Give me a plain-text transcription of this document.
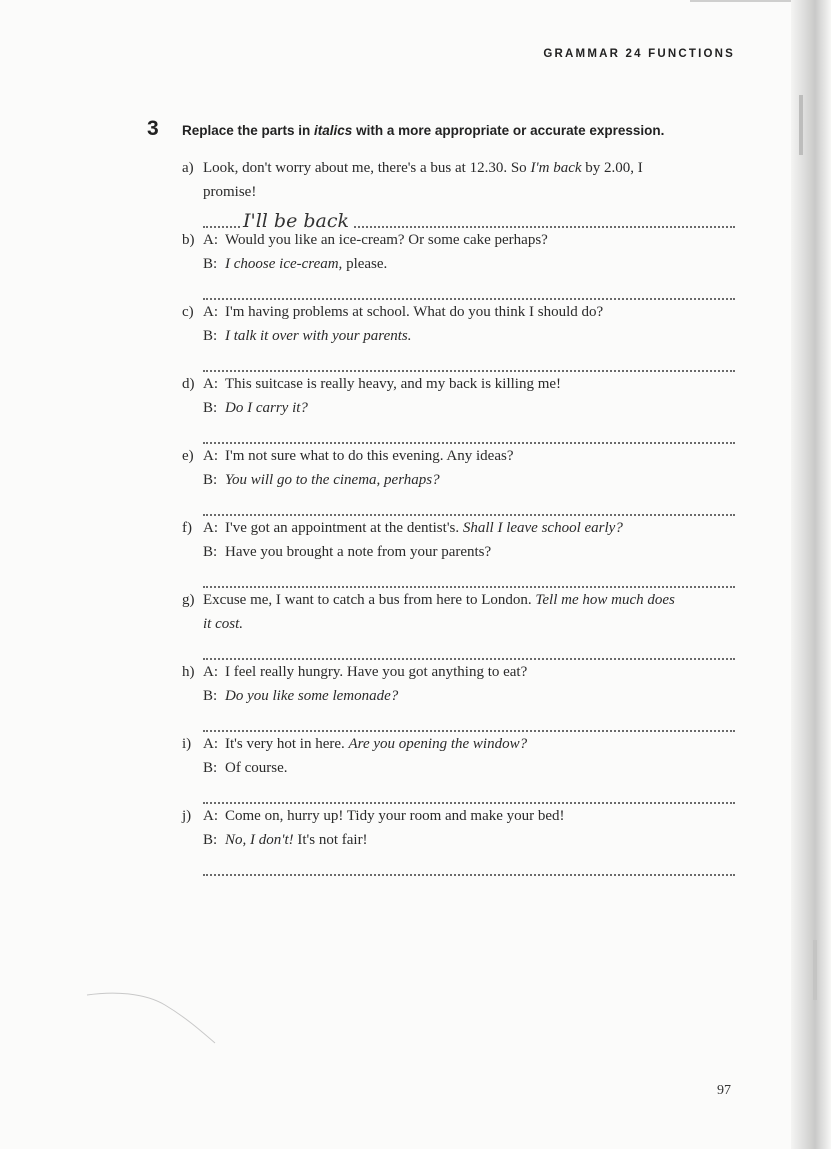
GRAMMAR 24 FUNCTIONS
3 Replace the parts in italics with a more appropriate or accurate expression.
a) Look, don't worry about me, there's a bus at 12.30. So I'm back by 2.00, I
promise!
I'll be back
b) A: Would you like an ice-cream? Or some cake perhaps?
B: I choose ice-cream, please.
c) A: I'm having problems at school. What do you think I should do?
B: I talk it over with your parents.
d) A: This suitcase is really heavy, and my back is killing me!
B: Do I carry it?
e) A: I'm not sure what to do this evening. Any ideas?
B: You will go to the cinema, perhaps?
f) A: I've got an appointment at the dentist's. Shall I leave school early?
B: Have you brought a note from your parents?
g) Excuse me, I want to catch a bus from here to London. Tell me how much does
it cost.
h) A: I feel really hungry. Have you got anything to eat?
B: Do you like some lemonade?
i) A: It's very hot in here. Are you opening the window?
B: Of course.
j) A: Come on, hurry up! Tidy your room and make your bed!
B: No, I don't! It's not fair!
97
